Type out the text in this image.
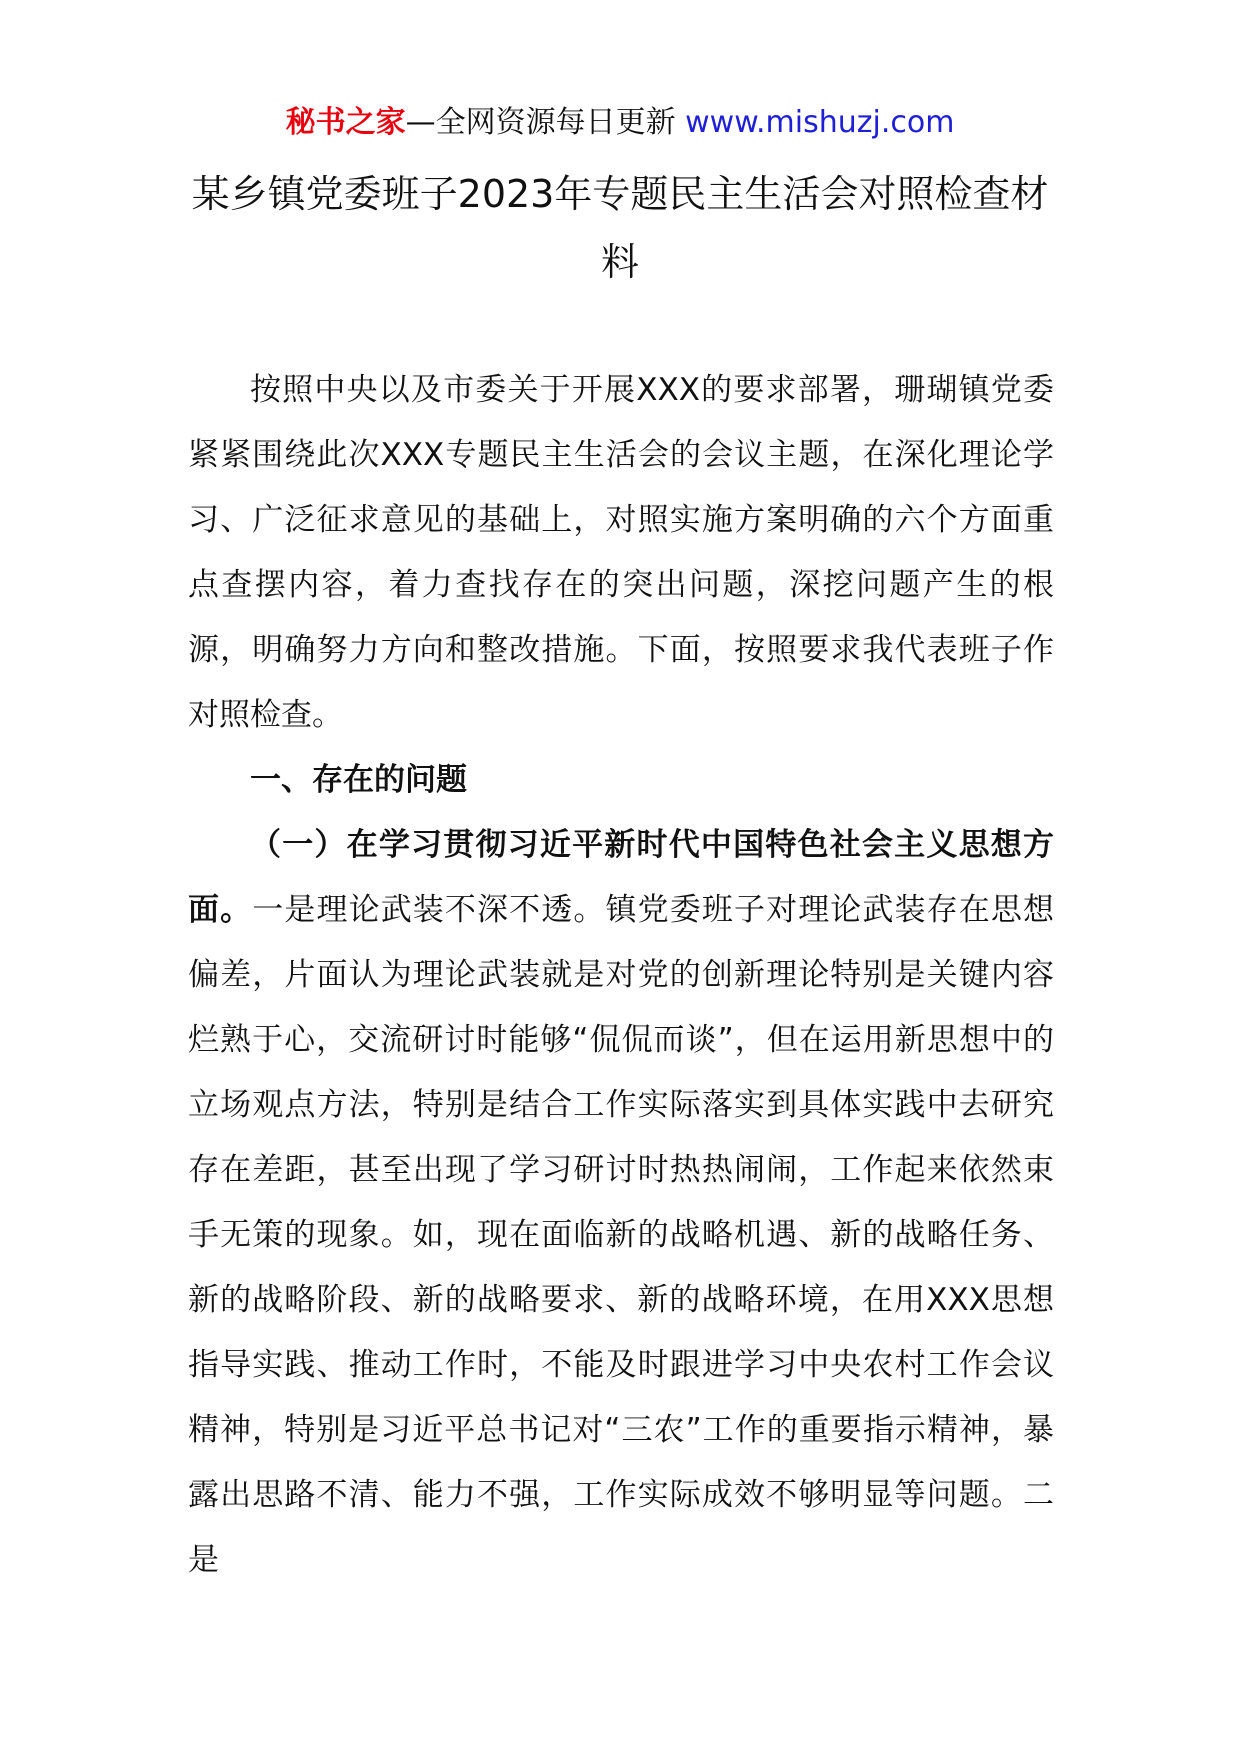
秘书之家—全网资源每日更新 www.mishuzj.com
某乡镇党委班子2023年专题民主生活会对照检查材料

按照中央以及市委关于开展XXX的要求部署，珊瑚镇党委紧紧围绕此次XXX专题民主生活会的会议主题，在深化理论学习、广泛征求意见的基础上，对照实施方案明确的六个方面重点查摆内容，着力查找存在的突出问题，深挖问题产生的根源，明确努力方向和整改措施。下面，按照要求我代表班子作对照检查。

一、存在的问题

（一）在学习贯彻习近平新时代中国特色社会主义思想方面。一是理论武装不深不透。镇党委班子对理论武装存在思想偏差，片面认为理论武装就是对党的创新理论特别是关键内容烂熟于心，交流研讨时能够“侃侃而谈”，但在运用新思想中的立场观点方法，特别是结合工作实际落实到具体实践中去研究存在差距，甚至出现了学习研讨时热热闹闹，工作起来依然束手无策的现象。如，现在面临新的战略机遇、新的战略任务、新的战略阶段、新的战略要求、新的战略环境，在用XXX思想指导实践、推动工作时，不能及时跟进学习中央农村工作会议精神，特别是习近平总书记对“三农”工作的重要指示精神，暴露出思路不清、能力不强，工作实际成效不够明显等问题。二是
